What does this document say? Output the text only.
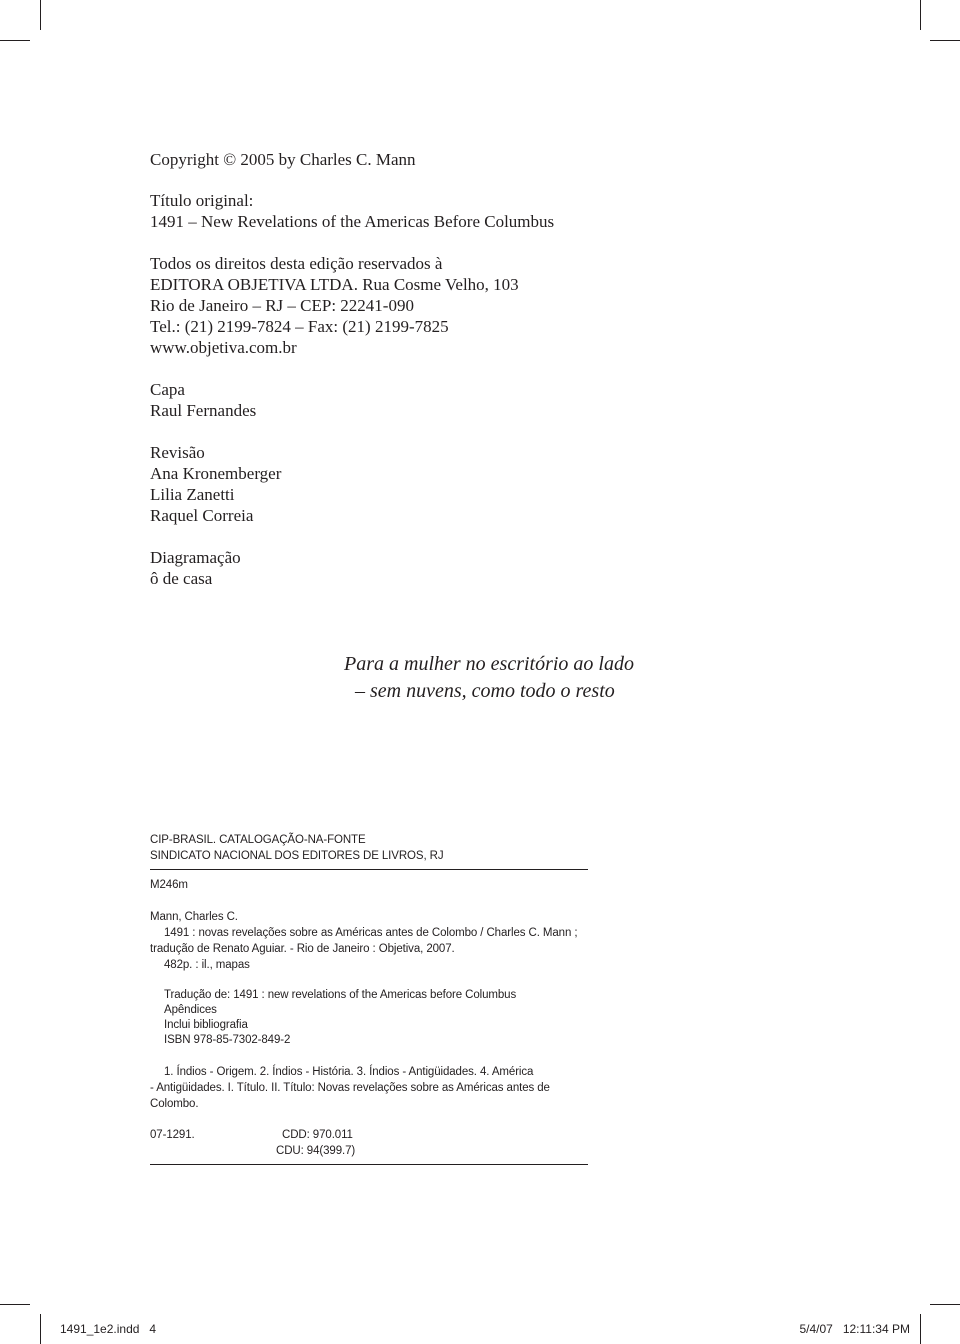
Copyright © 2005 by Charles C. Mann
Título original:
1491 – New Revelations of the Americas Before Columbus
Todos os direitos desta edição reservados à
EDITORA OBJETIVA LTDA. Rua Cosme Velho, 103
Rio de Janeiro – RJ – CEP: 22241-090
Tel.: (21) 2199-7824 – Fax: (21) 2199-7825
www.objetiva.com.br
Capa
Raul Fernandes
Revisão
Ana Kronemberger
Lilia Zanetti
Raquel Correia
Diagramação
ô de casa
Para a mulher no escritório ao lado
– sem nuvens, como todo o resto
CIP-BRASIL. CATALOGAÇÃO-NA-FONTE
SINDICATO NACIONAL DOS EDITORES DE LIVROS, RJ
M246m
Mann, Charles C.
1491 : novas revelações sobre as Américas antes de Colombo / Charles C. Mann ;
tradução de Renato Aguiar. - Rio de Janeiro : Objetiva, 2007.
482p. : il., mapas
Tradução de: 1491 : new revelations of the Americas before Columbus
Apêndices
Inclui bibliografia
ISBN 978-85-7302-849-2
1. Índios - Origem. 2. Índios - História. 3. Índios - Antigüidades. 4. América
- Antigüidades. I. Título. II. Título: Novas revelações sobre as Américas antes de
Colombo.
07-1291.	CDD: 970.011
CDU: 94(399.7)
1491_1e2.indd   4	5/4/07   12:11:34 PM
